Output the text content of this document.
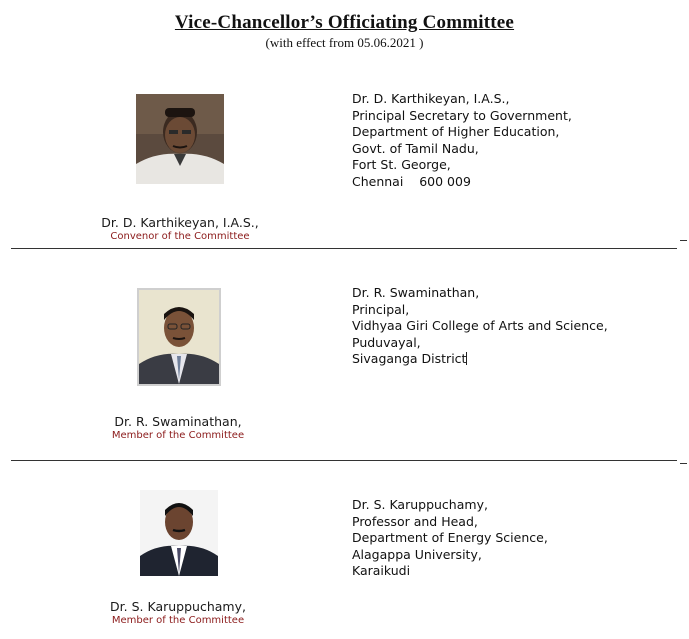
Vice-Chancellor’s Officiating Committee
(with effect from 05.06.2021 )
Dr. D. Karthikeyan, I.A.S.,
Convenor of the Committee
Dr. D. Karthikeyan, I.A.S.,
Principal Secretary to Government,
Department of Higher Education,
Govt. of Tamil Nadu,
Fort St. George,
Chennai    600 009
Dr. R. Swaminathan,
Member of the Committee
Dr. R. Swaminathan,
Principal,
Vidhyaa Giri College of Arts and Science,
Puduvayal,
Sivaganga District
Dr. S. Karuppuchamy,
Member of the Committee
Dr. S. Karuppuchamy,
Professor and Head,
Department of Energy Science,
Alagappa University,
Karaikudi
